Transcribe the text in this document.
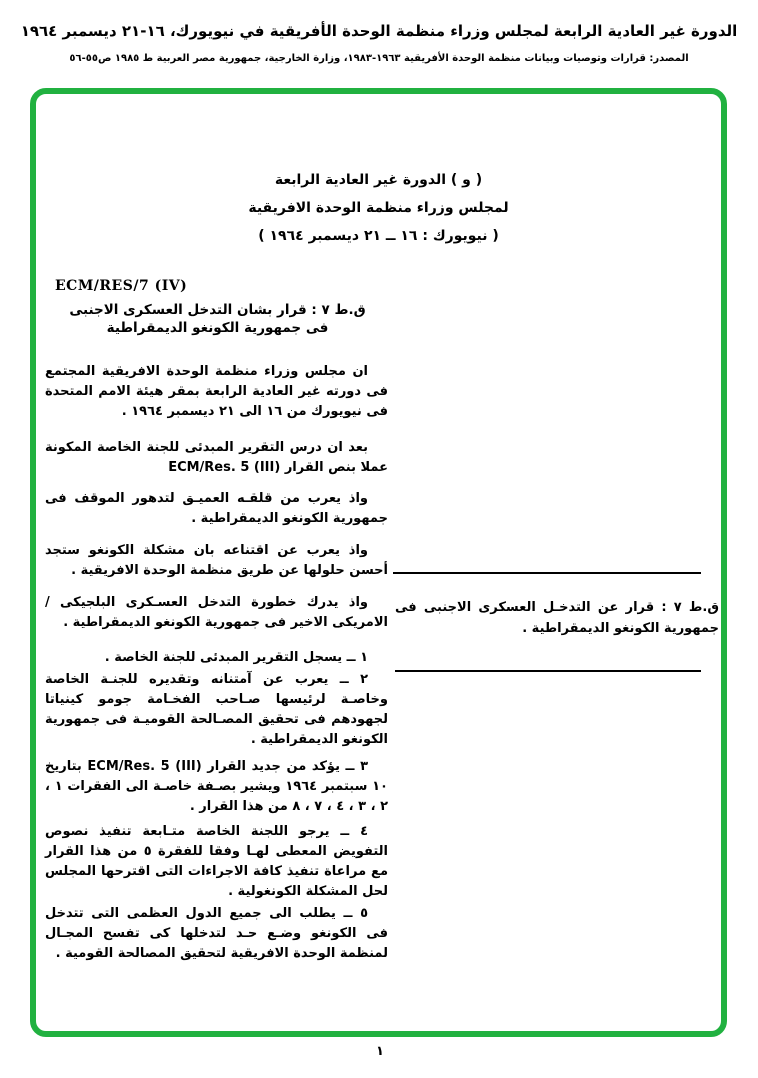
الدورة غير العادية الرابعة لمجلس وزراء منظمة الوحدة الأفريقية في نيويورك، ١٦-٢١ ديسمبر ١٩٦٤
المصدر: قرارات وتوصيات وبيانات منظمة الوحدة الأفريقية ١٩٦٣-١٩٨٣، وزارة الخارجية، جمهورية مصر العربية ط ١٩٨٥ ص٥٥-٥٦
( و ) الدورة غير العادية الرابعة
لمجلس وزراء منظمة الوحدة الافريقية
( نيويورك : ١٦ ــ ٢١ ديسمبر ١٩٦٤ )
ECM/RES/7 (IV)
ق.ط ٧ : قرار بشان التدخل العسكرى الاجنبى
فى جمهورية الكونغو الديمقراطية
ان مجلس وزراء منظمة الوحدة الافريقية المجتمع فى دورته غير العادية الرابعة بمقر هيئة الامم المتحدة فى نيويورك من ١٦ الى ٢١ ديسمبر ١٩٦٤ .
بعد ان درس التقرير المبدئى للجنة الخاصة المكونة عملا بنص القرار ECM/Res. 5 (III)
واذ يعرب من قلقـه العميـق لتدهور الموقف فى جمهورية الكونغو الديمقراطية .
واذ يعرب عن اقتناعه بان مشكلة الكونغو ستجد أحسن حلولها عن طريق منظمة الوحدة الافريقية .
واذ يدرك خطورة التدخل العسـكرى البلجيكى / الامريكى الاخير فى جمهورية الكونغو الديمقراطية .
١ ــ يسجل التقرير المبدئى للجنة الخاصة .
٢ ــ يعرب عن آمتنانه وتقديره للجنـة الخاصة وخاصـة لرئيسها صـاحب الفخـامة جومو كينياتا لجهودهم فى تحقيق المصـالحة القوميـة فى جمهورية الكونغو الديمقراطية .
٣ ــ يؤكد من جديد القرار ECM/Res. 5 (III) بتاريخ ١٠ سبتمبر ١٩٦٤ ويشير بصـفة خاصـة الى الفقرات ١ ، ٢ ، ٣ ، ٤ ، ٧ ، ٨ من هذا القرار .
٤ ــ يرجو اللجنة الخاصة متـابعة تنفيذ نصوص التفويض المعطى لهـا وفقا للفقرة ٥ من هذا القرار مع مراعاة تنفيذ كافة الاجراءات التى اقترحها المجلس لحل المشكلة الكونغولية .
٥ ــ يطلب الى جميع الدول العظمى التى تتدخل فى الكونغو وضـع حـد لتدخلها كى تفسح المجـال لمنظمة الوحدة الافريقية لتحقيق المصالحة القومية .
ق.ط ٧ : قرار عن التدخـل العسكرى الاجنبى فى جمهورية الكونغو الديمقراطية .
١
